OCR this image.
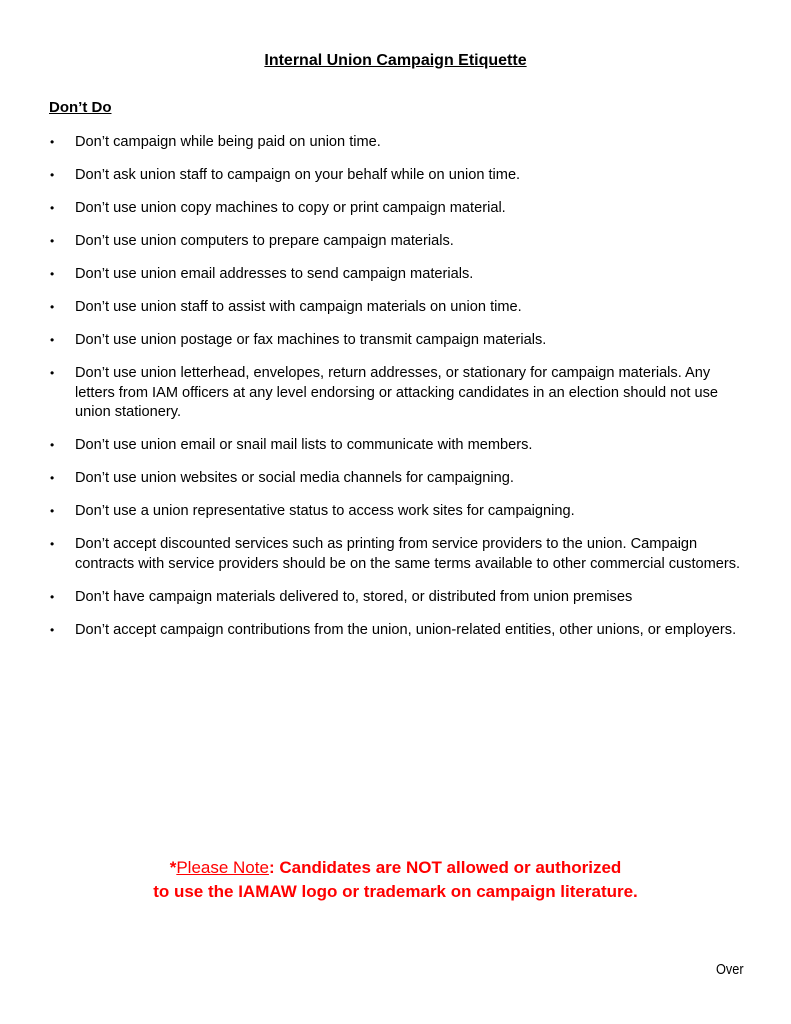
Internal Union Campaign Etiquette
Don’t Do
• Don’t campaign while being paid on union time.
• Don’t ask union staff to campaign on your behalf while on union time.
• Don’t use union copy machines to copy or print campaign material.
• Don’t use union computers to prepare campaign materials.
• Don’t use union email addresses to send campaign materials.
• Don’t use union staff to assist with campaign materials on union time.
• Don’t use union postage or fax machines to transmit campaign materials.
• Don’t use union letterhead, envelopes, return addresses, or stationary for campaign materials. Any letters from IAM officers at any level endorsing or attacking candidates in an election should not use union stationery.
• Don’t use union email or snail mail lists to communicate with members.
• Don’t use union websites or social media channels for campaigning.
• Don’t use a union representative status to access work sites for campaigning.
• Don’t accept discounted services such as printing from service providers to the union. Campaign contracts with service providers should be on the same terms available to other commercial customers.
• Don’t have campaign materials delivered to, stored, or distributed from union premises
• Don’t accept campaign contributions from the union, union-related entities, other unions, or employers.
*Please Note: Candidates are NOT allowed or authorized
to use the IAMAW logo or trademark on campaign literature.
Over
